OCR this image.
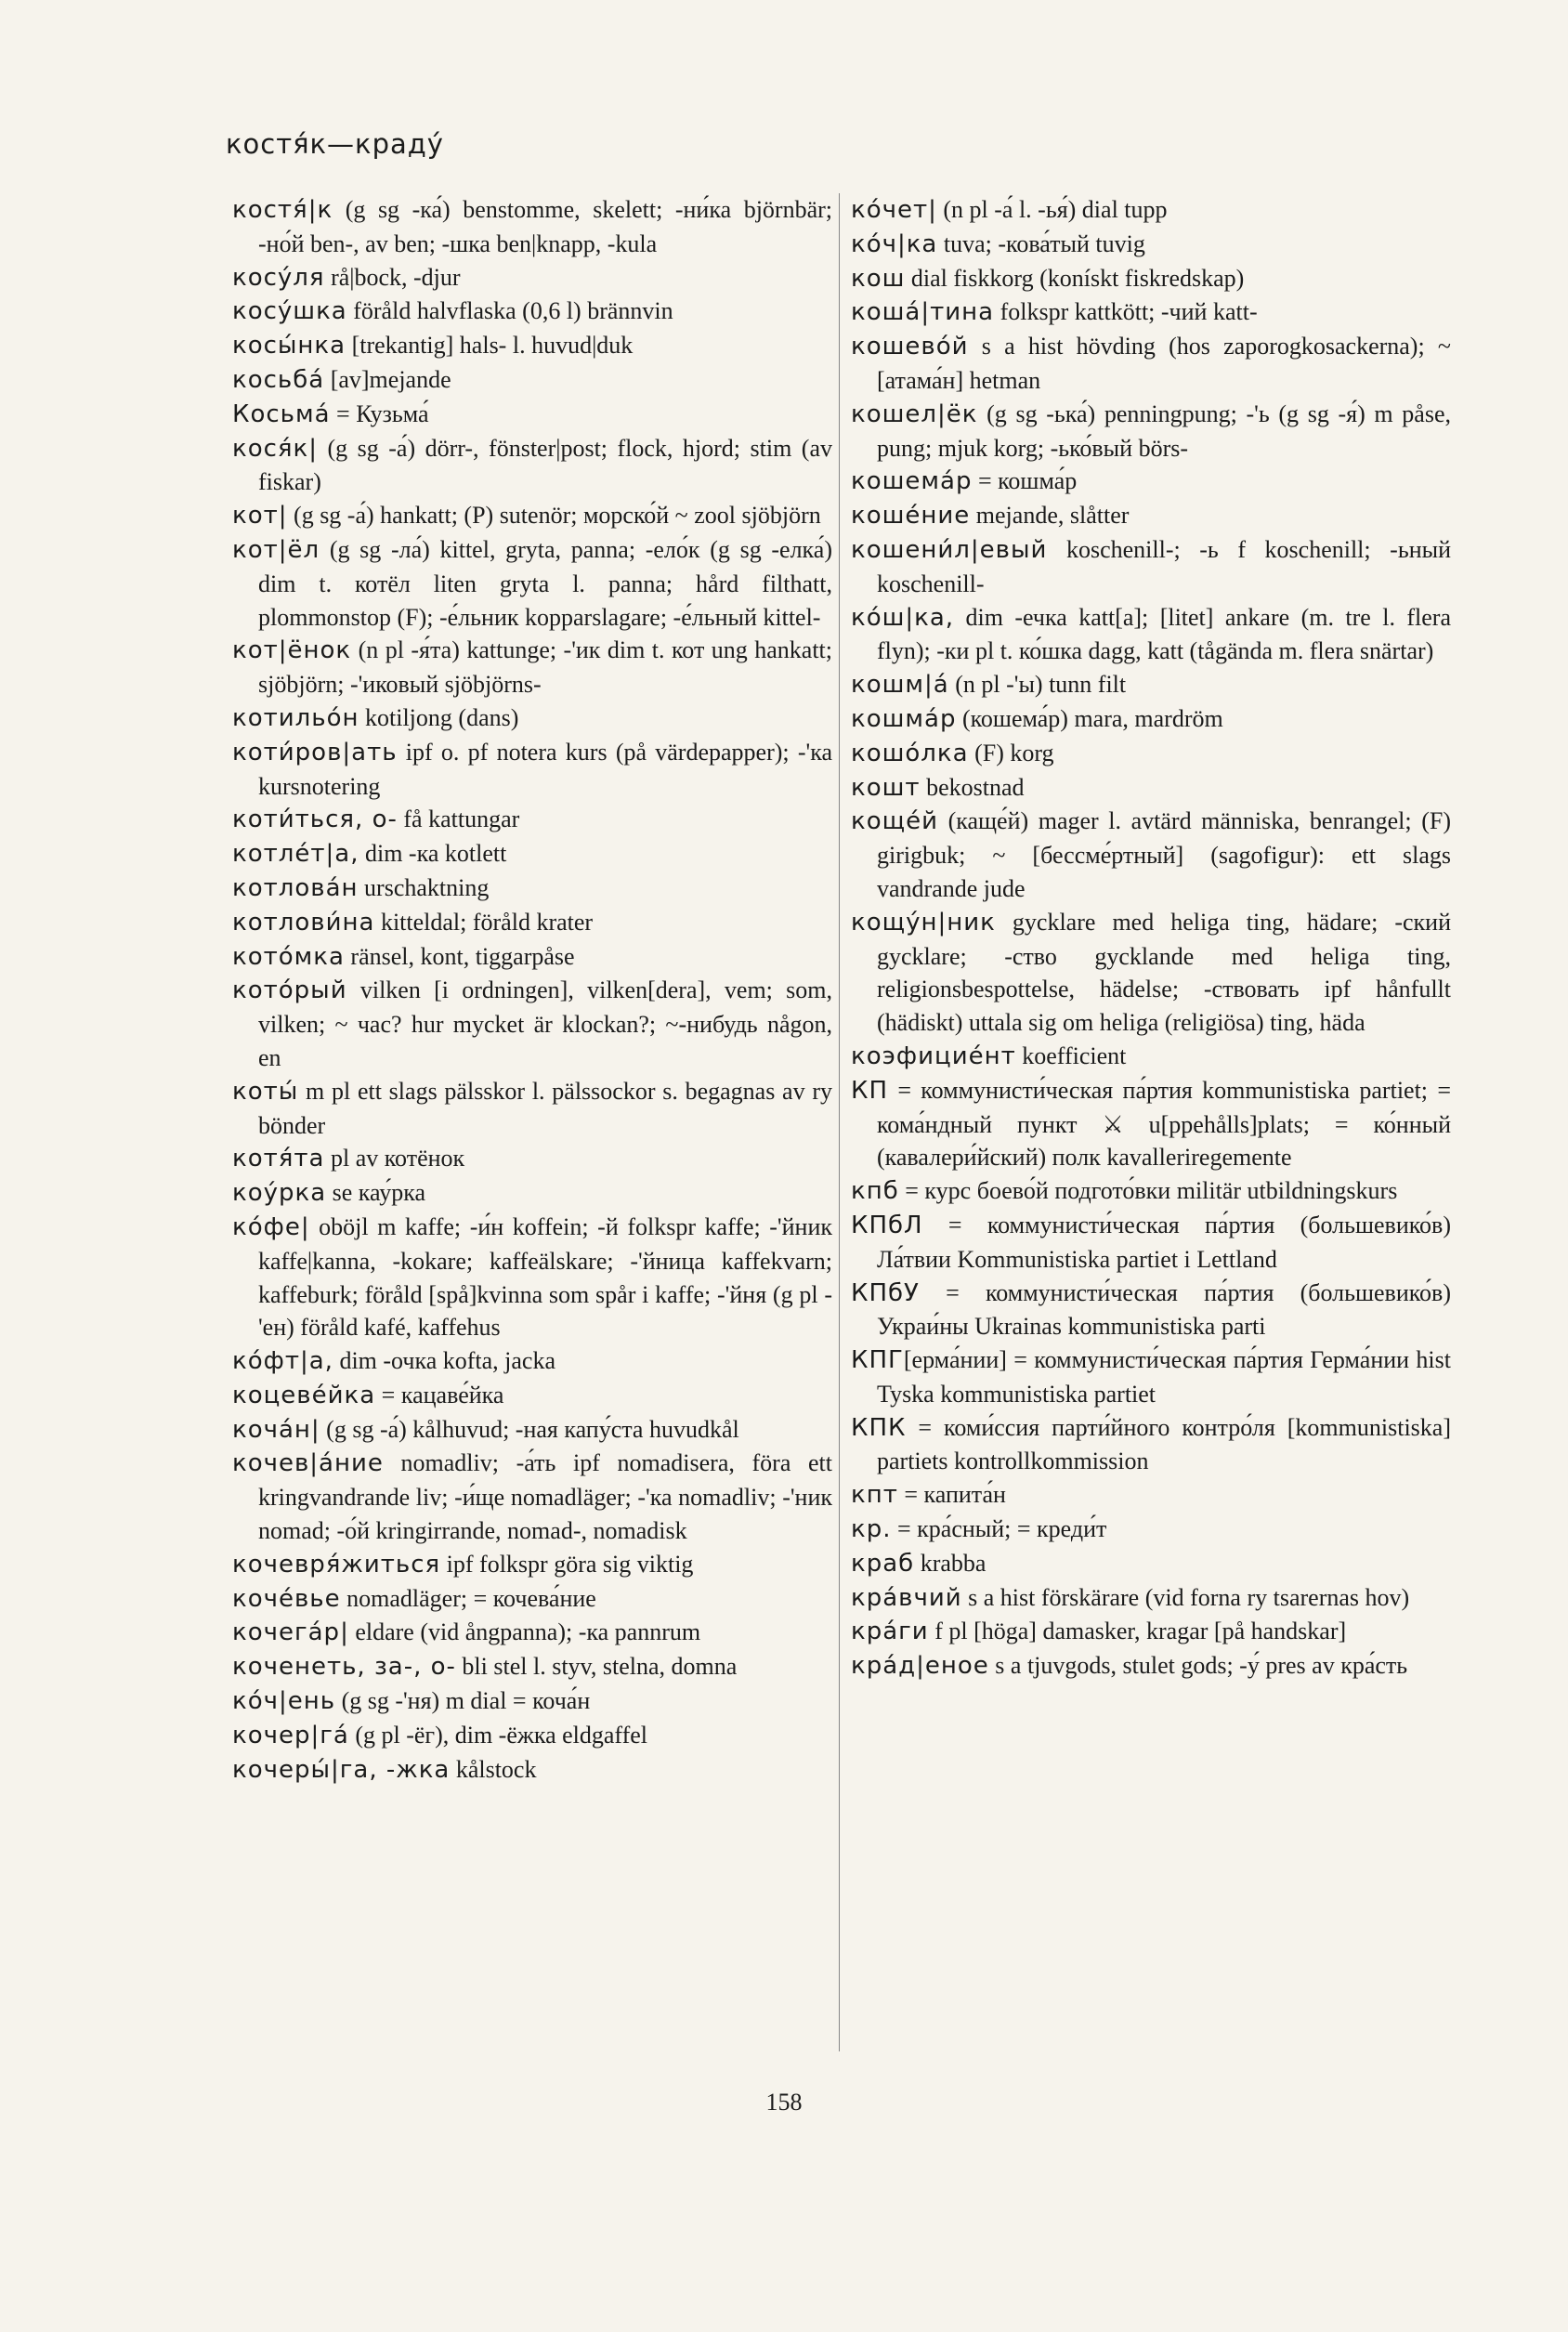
костя́к—краду́

костя́|к (g sg -ка́) benstomme, skelett; -ни́ка björnbär; -но́й ben-, av ben; -шка ben|knapp, -kula

косу́ля rå|bock, -djur

косу́шка föråld halvflaska (0,6 l) brännvin

косы́нка [trekantig] hals- l. huvud|duk

косьба́ [av]mejande

Косьма́ = Кузьма́

кося́к| (g sg -а́) dörr-, fönster|post; flock, hjord; stim (av fiskar)

кот| (g sg -а́) hankatt; (P) sutenör; морско́й ~ zool sjöbjörn

кот|ёл (g sg -ла́) kittel, gryta, panna; -ело́к (g sg -елка́) dim t. котёл liten gryta l. panna; hård filthatt, plommonstop (F); -е́льник kopparslagare; -е́льный kittel-

кот|ёнок (n pl -я́та) kattunge; -'ик dim t. кот ung hankatt; sjöbjörn; -'иковый sjöbjörns-

котильо́н kotiljong (dans)

коти́ров|ать ipf o. pf notera kurs (på värdepapper); -'ка kursnotering

коти́ться, о- få kattungar

котле́т|а, dim -ка kotlett

котлова́н urschaktning

котлови́на kitteldal; föråld krater

кото́мка ränsel, kont, tiggarpåse

кото́рый vilken [i ordningen], vilken[dera], vem; som, vilken; ~ час? hur mycket är klockan?; ~-нибудь någon, en

коты́ m pl ett slags pälsskor l. pälssockor s. begagnas av ry bönder

котя́та pl av котёнок

коу́рка se кау́рка

ко́фе| oböjl m kaffe; -и́н koffein; -й folkspr kaffe; -'йник kaffe|kanna, -kokare; kaffeälskare; -'йница kaffekvarn; kaffeburk; föråld [spå]kvinna som spår i kaffe; -'йня (g pl -'ен) föråld kafé, kaffehus

ко́фт|а, dim -очка kofta, jacka

коцеве́йка = кацаве́йка

коча́н| (g sg -а́) kålhuvud; -ная капу́ста huvudkål

кочев|а́ние nomadliv; -а́ть ipf nomadisera, föra ett kringvandrande liv; -и́ще nomadläger; -'ка nomadliv; -'ник nomad; -о́й kringirrande, nomad-, nomadisk

кочевря́житься ipf folkspr göra sig viktig

коче́вье nomadläger; = кочева́ние

кочега́р| eldare (vid ångpanna); -ка pannrum

коченеть, за-, о- bli stel l. styv, stelna, domna

ко́ч|ень (g sg -'ня) m dial = коча́н

кочер|га́ (g pl -ёг), dim -ёжка eldgaffel

кочеры́|га, -жка kålstock

ко́чет| (n pl -а́ l. -ья́) dial tupp

ко́ч|ка tuva; -кова́тый tuvig

кош dial fiskkorg (konískt fiskredskap)

коша́|тина folkspr kattkött; -чий katt-

кошево́й s a hist hövding (hos zaporogkosackerna); ~ [атама́н] hetman

кошел|ёк (g sg -ька́) penningpung; -'ь (g sg -я́) m påse, pung; mjuk korg; -ько́вый börs-

кошема́р = кошма́р

коше́ние mejande, slåtter

кошени́л|евый koschenill-; -ь f koschenill; -ьный koschenill-

ко́ш|ка, dim -ечка katt[a]; [litet] ankare (m. tre l. flera flyn); -ки pl t. ко́шка dagg, katt (tågända m. flera snärtar)

кошм|а́ (n pl -'ы) tunn filt

кошма́р (кошема́р) mara, mardröm

кошо́лка (F) korg

кошт bekostnad

коще́й (каще́й) mager l. avtärd människa, benrangel; (F) girigbuk; ~ [бессме́ртный] (sagofigur): ett slags vandrande jude

кощу́н|ник gycklare med heliga ting, hädare; -ский gycklare; -ство gycklande med heliga ting, religionsbespottelse, hädelse; -ствовать ipf hånfullt (hädiskt) uttala sig om heliga (religiösa) ting, häda

коэфицие́нт koefficient

КП = коммунисти́ческая па́ртия kommunistiska partiet; = кома́ндный пункт ⚔ u[ppehålls]plats; = ко́нный (кавалери́йский) полк kavalleriregemente

кпб = курс боево́й подгото́вки militär utbildningskurs

КПбЛ = коммунисти́ческая па́ртия (большевико́в) Ла́твии Kommunistiska partiet i Lettland

КПбУ = коммунисти́ческая па́ртия (большевико́в) Украи́ны Ukrainas kommunistiska parti

КПГ[ерма́нии] = коммунисти́ческая па́ртия Герма́нии hist Tyska kommunistiska partiet

КПК = коми́ссия парти́йного контро́ля [kommunistiska] partiets kontrollkommission

кпт = капита́н

кр. = кра́сный; = креди́т

краб krabba

кра́вчий s a hist förskärare (vid forna ry tsarernas hov)

кра́ги f pl [höga] damasker, kragar [på handskar]

кра́д|еное s a tjuvgods, stulet gods; -у́ pres av кра́сть

158
